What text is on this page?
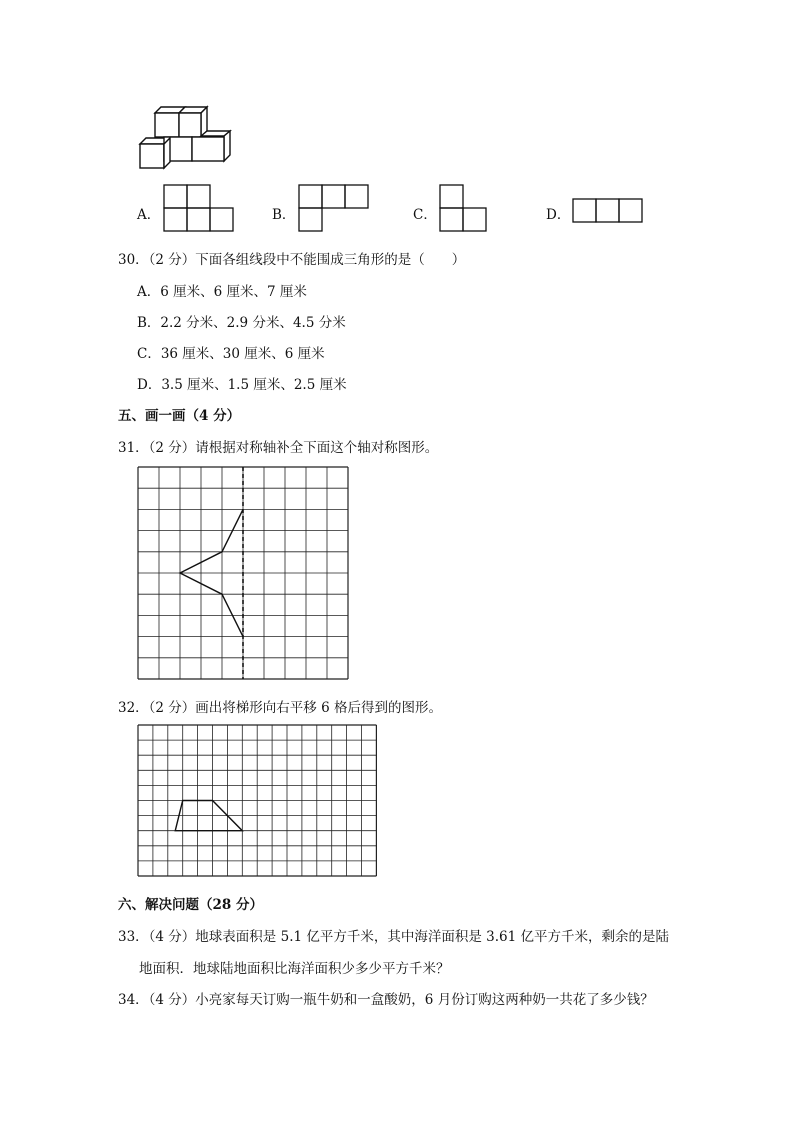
A．	B．	C．	D．
30．（2 分）下面各组线段中不能围成三角形的是（　　）
A．6 厘米、6 厘米、7 厘米
B．2.2 分米、2.9 分米、4.5 分米
C．36 厘米、30 厘米、6 厘米
D．3.5 厘米、1.5 厘米、2.5 厘米
五、画一画（4 分）
31．（2 分）请根据对称轴补全下面这个轴对称图形。
32．（2 分）画出将梯形向右平移 6 格后得到的图形。
六、解决问题（28 分）
33．（4 分）地球表面积是 5.1 亿平方千米，其中海洋面积是 3.61 亿平方千米，剩余的是陆
地面积．地球陆地面积比海洋面积少多少平方千米？
34．（4 分）小亮家每天订购一瓶牛奶和一盒酸奶，6 月份订购这两种奶一共花了多少钱？
